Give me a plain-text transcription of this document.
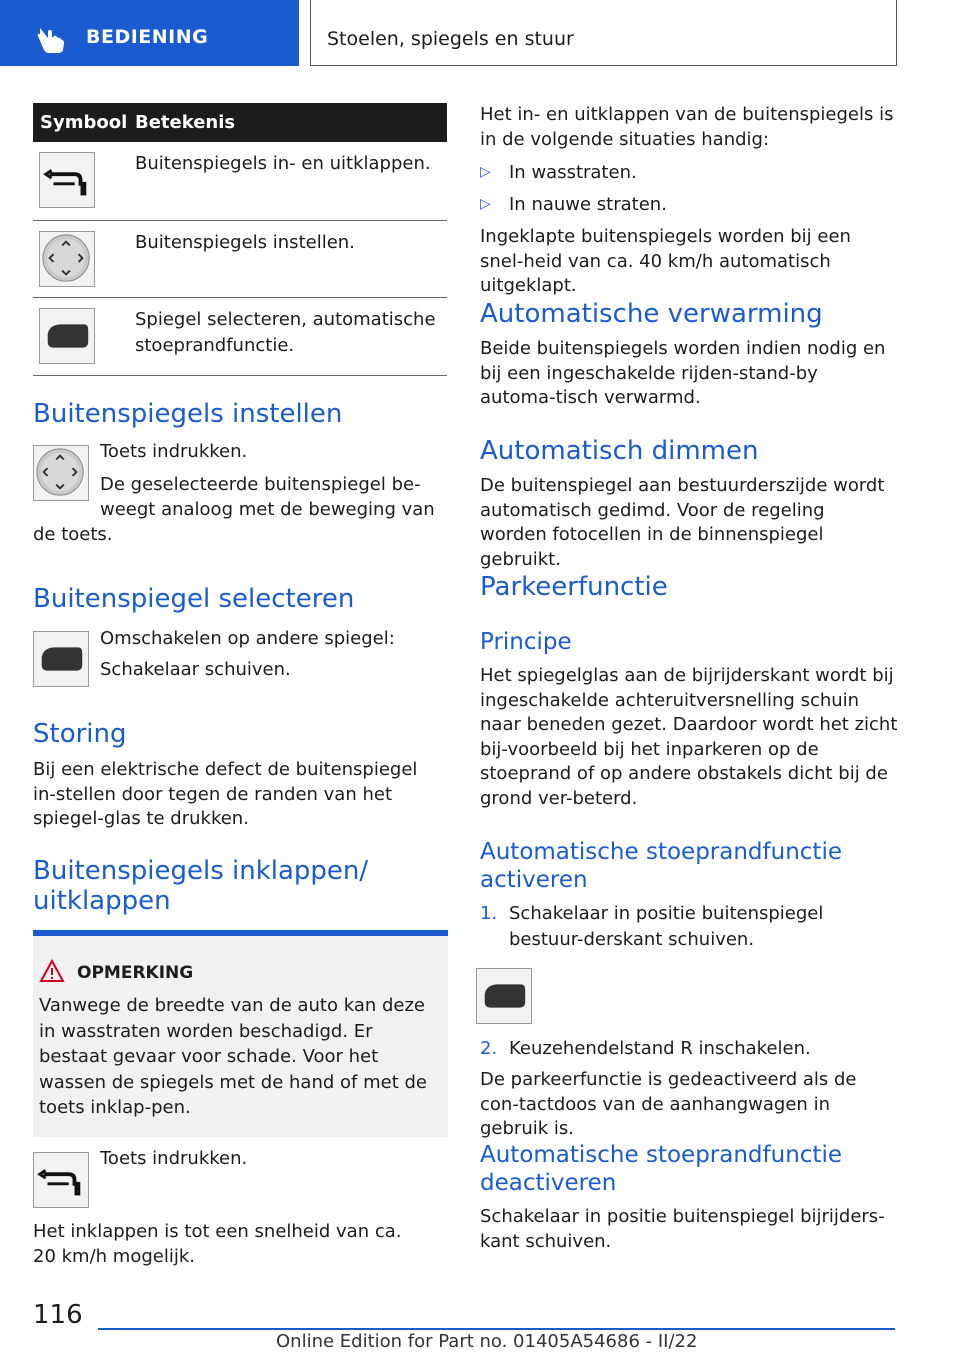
BEDIENING	Stoelen, spiegels en stuur
Symbool Betekenis
Buitenspiegels in- en uitklappen.
Buitenspiegels instellen.
Spiegel selecteren, automatische stoeprandfunctie.
Buitenspiegels instellen
Toets indrukken.
De geselecteerde buitenspiegel be-
weegt analoog met de beweging van
de toets.
Buitenspiegel selecteren
Omschakelen op andere spiegel:
Schakelaar schuiven.
Storing
Bij een elektrische defect de buitenspiegel in-stellen door tegen de randen van het spiegel-glas te drukken.
Buitenspiegels inklappen/
uitklappen
OPMERKING
Vanwege de breedte van de auto kan deze in wasstraten worden beschadigd. Er bestaat gevaar voor schade. Voor het wassen de spiegels met de hand of met de toets inklap-pen.
Toets indrukken.
Het inklappen is tot een snelheid van ca.
20 km/h mogelijk.
Het in- en uitklappen van de buitenspiegels is in de volgende situaties handig:
▷ In wasstraten.
▷ In nauwe straten.
Ingeklapte buitenspiegels worden bij een snel-heid van ca. 40 km/h automatisch uitgeklapt.
Automatische verwarming
Beide buitenspiegels worden indien nodig en bij een ingeschakelde rijden-stand-by automa-tisch verwarmd.
Automatisch dimmen
De buitenspiegel aan bestuurderszijde wordt automatisch gedimd. Voor de regeling worden fotocellen in de binnenspiegel gebruikt.
Parkeerfunctie
Principe
Het spiegelglas aan de bijrijderskant wordt bij ingeschakelde achteruitversnelling schuin naar beneden gezet. Daardoor wordt het zicht bij-voorbeeld bij het inparkeren op de stoeprand of op andere obstakels dicht bij de grond ver-beterd.
Automatische stoeprandfunctie
activeren
1. Schakelaar in positie buitenspiegel bestuur-derskant schuiven.
2. Keuzehendelstand R inschakelen.
De parkeerfunctie is gedeactiveerd als de con-tactdoos van de aanhangwagen in gebruik is.
Automatische stoeprandfunctie
deactiveren
Schakelaar in positie buitenspiegel bijrijders-kant schuiven.
116
Online Edition for Part no. 01405A54686 - II/22
